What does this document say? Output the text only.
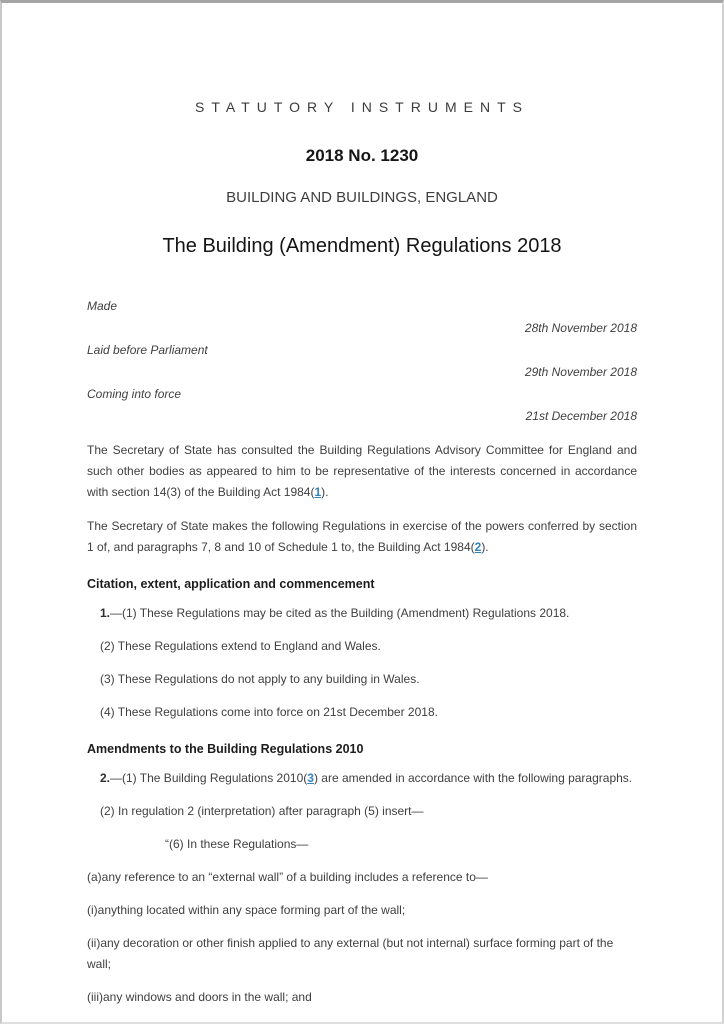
STATUTORY INSTRUMENTS
2018 No. 1230
BUILDING AND BUILDINGS, ENGLAND
The Building (Amendment) Regulations 2018
Made
28th November 2018
Laid before Parliament
29th November 2018
Coming into force
21st December 2018

The Secretary of State has consulted the Building Regulations Advisory Committee for England and such other bodies as appeared to him to be representative of the interests concerned in accordance with section 14(3) of the Building Act 1984(1).

The Secretary of State makes the following Regulations in exercise of the powers conferred by section 1 of, and paragraphs 7, 8 and 10 of Schedule 1 to, the Building Act 1984(2).

Citation, extent, application and commencement

1.—(1) These Regulations may be cited as the Building (Amendment) Regulations 2018.

(2) These Regulations extend to England and Wales.

(3) These Regulations do not apply to any building in Wales.

(4) These Regulations come into force on 21st December 2018.

Amendments to the Building Regulations 2010

2.—(1) The Building Regulations 2010(3) are amended in accordance with the following paragraphs.

(2) In regulation 2 (interpretation) after paragraph (5) insert—

“(6) In these Regulations—

(a)any reference to an “external wall” of a building includes a reference to—

(i)anything located within any space forming part of the wall;

(ii)any decoration or other finish applied to any external (but not internal) surface forming part of the wall;

(iii)any windows and doors in the wall; and
